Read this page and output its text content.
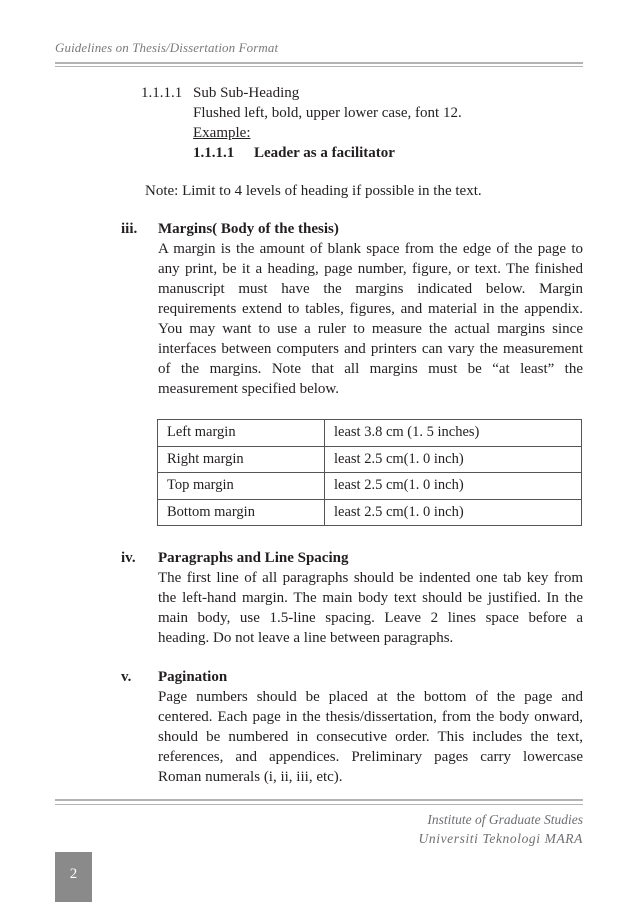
Guidelines on Thesis/Dissertation Format
1.1.1.1 Sub Sub-Heading
Flushed left, bold, upper lower case, font 12.
Example:
1.1.1.1 Leader as a facilitator
Note: Limit to 4 levels of heading if possible in the text.
iii. Margins( Body of the thesis)
A margin is the amount of blank space from the edge of the page to
any print, be it a heading, page number, figure, or text. The finished
manuscript must have the margins indicated below. Margin
requirements extend to tables, figures, and material in the appendix.
You may want to use a ruler to measure the actual margins since
interfaces between computers and printers can vary the measurement
of the margins. Note that all margins must be “at least” the
measurement specified below.
Left margin	least 3.8 cm (1. 5 inches)
Right margin	least 2.5 cm(1. 0 inch)
Top margin	least 2.5 cm(1. 0 inch)
Bottom margin	least 2.5 cm(1. 0 inch)
iv. Paragraphs and Line Spacing
The first line of all paragraphs should be indented one tab key from
the left-hand margin. The main body text should be justified. In the
main body, use 1.5-line spacing. Leave 2 lines space before a
heading. Do not leave a line between paragraphs.
v. Pagination
Page numbers should be placed at the bottom of the page and
centered. Each page in the thesis/dissertation, from the body onward,
should be numbered in consecutive order. This includes the text,
references, and appendices. Preliminary pages carry lowercase
Roman numerals (i, ii, iii, etc).
Institute of Graduate Studies
Universiti Teknologi MARA
2
